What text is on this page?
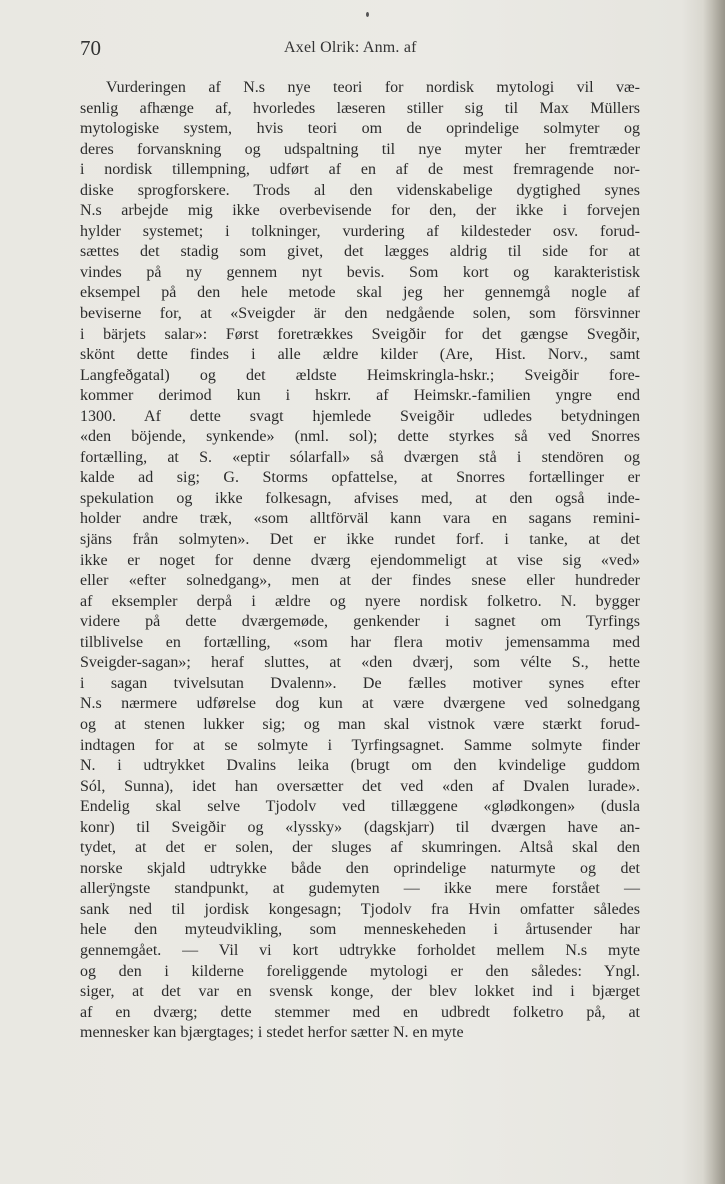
70	Axel Olrik: Anm. af
Vurderingen af N.s nye teori for nordisk mytologi vil væ-
senlig afhænge af, hvorledes læseren stiller sig til Max Müllers
mytologiske system, hvis teori om de oprindelige solmyter og
deres forvanskning og udspaltning til nye myter her fremtræder
i nordisk tillempning, udført af en af de mest fremragende nor-
diske sprogforskere. Trods al den videnskabelige dygtighed synes
N.s arbejde mig ikke overbevisende for den, der ikke i forvejen
hylder systemet; i tolkninger, vurdering af kildesteder osv. forud-
sættes det stadig som givet, det lægges aldrig til side for at
vindes på ny gennem nyt bevis. Som kort og karakteristisk
eksempel på den hele metode skal jeg her gennemgå nogle af
beviserne for, at «Sveigder är den nedgående solen, som försvinner
i bärjets salar»: Først foretrækkes Sveigðir for det gængse Svegðir,
skönt dette findes i alle ældre kilder (Are, Hist. Norv., samt
Langfeðgatal) og det ældste Heimskringla-hskr.; Sveigðir fore-
kommer derimod kun i hskrr. af Heimskr.-familien yngre end
1300. Af dette svagt hjemlede Sveigðir udledes betydningen
«den böjende, synkende» (nml. sol); dette styrkes så ved Snorres
fortælling, at S. «eptir sólarfall» så dværgen stå i stendören og
kalde ad sig; G. Storms opfattelse, at Snorres fortællinger er
spekulation og ikke folkesagn, afvises med, at den også inde-
holder andre træk, «som alltförväl kann vara en sagans remini-
sjäns från solmyten». Det er ikke rundet forf. i tanke, at det
ikke er noget for denne dværg ejendommeligt at vise sig «ved»
eller «efter solnedgang», men at der findes snese eller hundreder
af eksempler derpå i ældre og nyere nordisk folketro. N. bygger
videre på dette dværgemøde, genkender i sagnet om Tyrfings
tilblivelse en fortælling, «som har flera motiv jemensamma med
Sveigder-sagan»; heraf sluttes, at «den dværj, som vélte S., hette
i sagan tvivelsutan Dvalenn». De fælles motiver synes efter
N.s nærmere udførelse dog kun at være dværgene ved solnedgang
og at stenen lukker sig; og man skal vistnok være stærkt forud-
indtagen for at se solmyte i Tyrfingsagnet. Samme solmyte finder
N. i udtrykket Dvalins leika (brugt om den kvindelige guddom
Sól, Sunna), idet han oversætter det ved «den af Dvalen lurade».
Endelig skal selve Tjodolv ved tillæggene «glødkongen» (dusla
konr) til Sveigðir og «lyssky» (dagskjarr) til dværgen have an-
tydet, at det er solen, der sluges af skumringen. Altså skal den
norske skjald udtrykke både den oprindelige naturmyte og det
allerÿngste standpunkt, at gudemyten — ikke mere forstået —
sank ned til jordisk kongesagn; Tjodolv fra Hvin omfatter således
hele den myteudvikling, som menneskeheden i årtusender har
gennemgået. — Vil vi kort udtrykke forholdet mellem N.s myte
og den i kilderne foreliggende mytologi er den således: Yngl.
siger, at det var en svensk konge, der blev lokket ind i bjærget
af en dværg; dette stemmer med en udbredt folketro på, at
mennesker kan bjærgtages; i stedet herfor sætter N. en myte
